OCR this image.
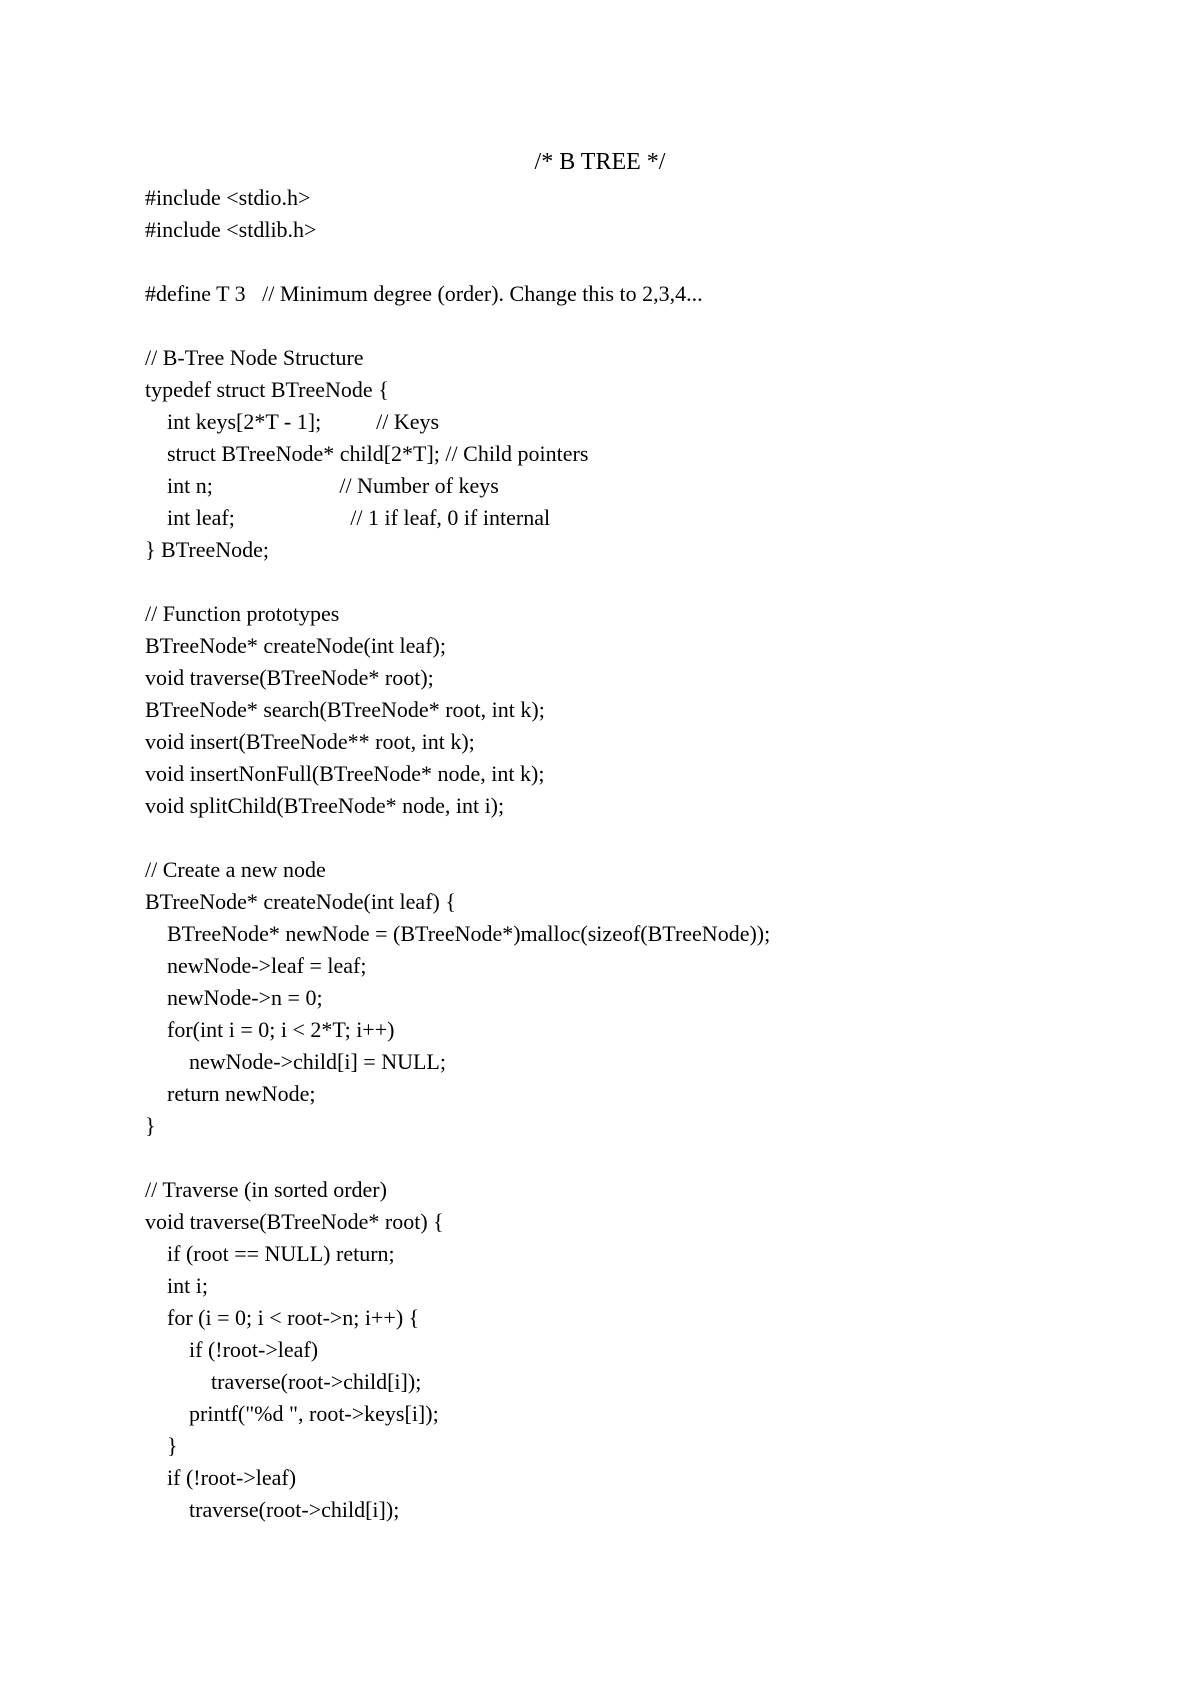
/* B TREE */
#include <stdio.h>
#include <stdlib.h>
#define T 3   // Minimum degree (order). Change this to 2,3,4...
// B-Tree Node Structure
typedef struct BTreeNode {
int keys[2*T - 1];          // Keys
struct BTreeNode* child[2*T]; // Child pointers
int n;                       // Number of keys
int leaf;                     // 1 if leaf, 0 if internal
} BTreeNode;
// Function prototypes
BTreeNode* createNode(int leaf);
void traverse(BTreeNode* root);
BTreeNode* search(BTreeNode* root, int k);
void insert(BTreeNode** root, int k);
void insertNonFull(BTreeNode* node, int k);
void splitChild(BTreeNode* node, int i);
// Create a new node
BTreeNode* createNode(int leaf) {
BTreeNode* newNode = (BTreeNode*)malloc(sizeof(BTreeNode));
newNode->leaf = leaf;
newNode->n = 0;
for(int i = 0; i < 2*T; i++)
newNode->child[i] = NULL;
return newNode;
}
// Traverse (in sorted order)
void traverse(BTreeNode* root) {
if (root == NULL) return;
int i;
for (i = 0; i < root->n; i++) {
if (!root->leaf)
traverse(root->child[i]);
printf("%d ", root->keys[i]);
}
if (!root->leaf)
traverse(root->child[i]);
